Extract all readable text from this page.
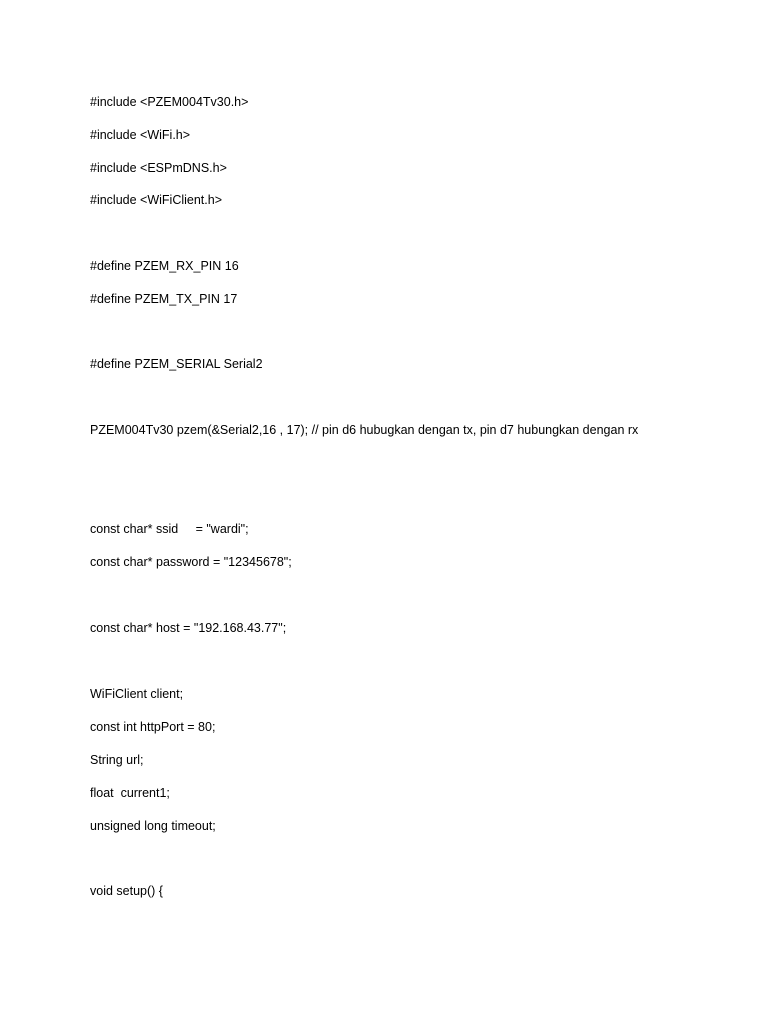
#include <PZEM004Tv30.h>
#include <WiFi.h>
#include <ESPmDNS.h>
#include <WiFiClient.h>
#define PZEM_RX_PIN 16
#define PZEM_TX_PIN 17
#define PZEM_SERIAL Serial2
PZEM004Tv30 pzem(&Serial2,16 , 17); // pin d6 hubugkan dengan tx, pin d7 hubungkan dengan rx
const char* ssid     = "wardi";
const char* password = "12345678";
const char* host = "192.168.43.77";
WiFiClient client;
const int httpPort = 80;
String url;
float  current1;
unsigned long timeout;
void setup() {
